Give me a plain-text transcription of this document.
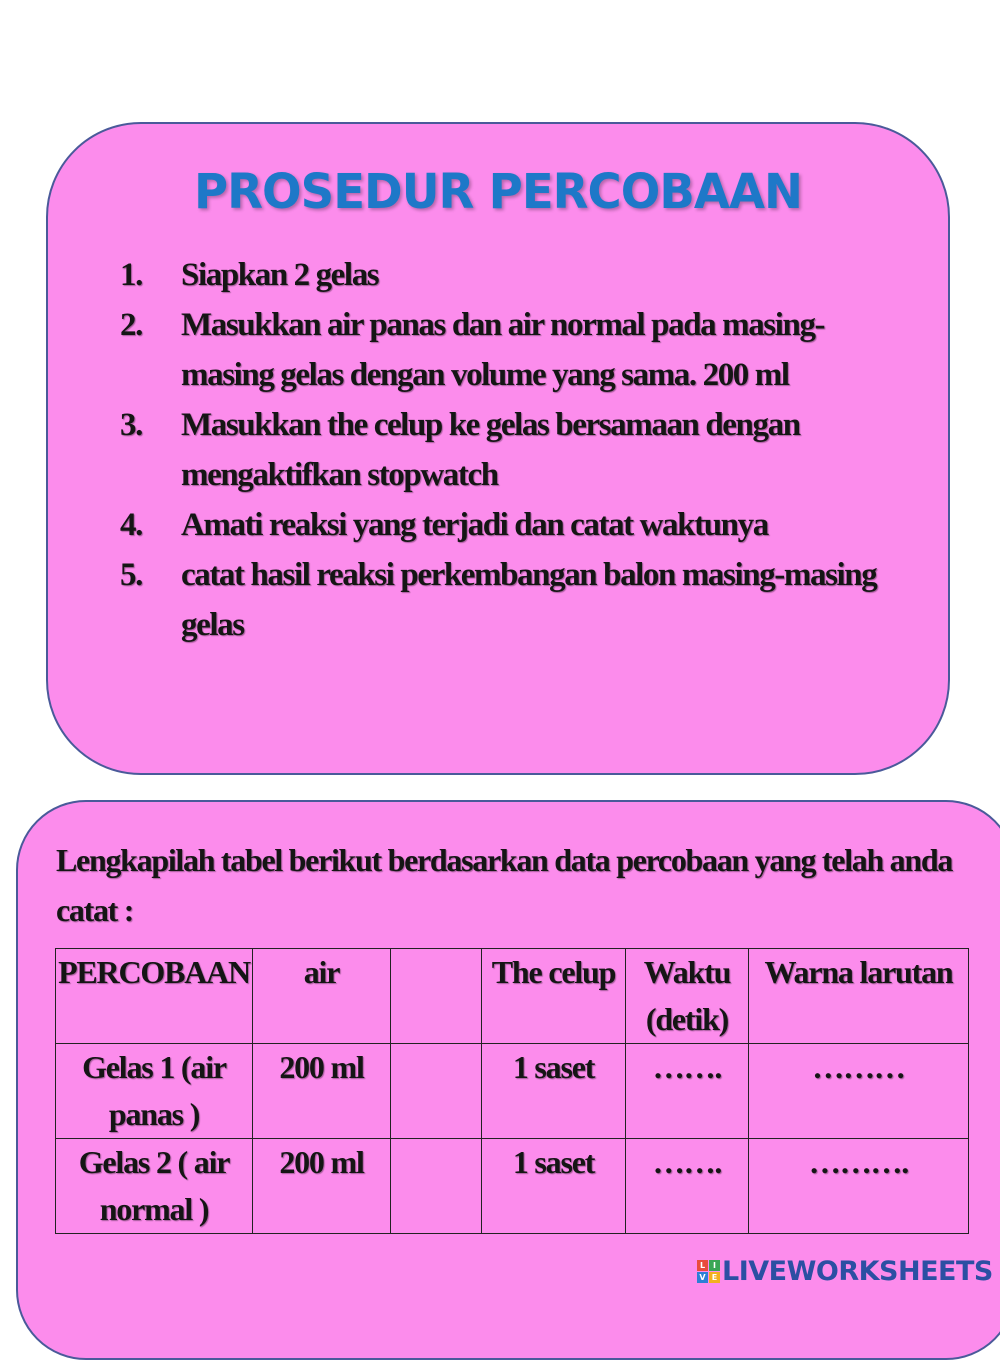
PROSEDUR PERCOBAAN
1. Siapkan 2 gelas
2. Masukkan air panas dan air normal pada masing-masing gelas dengan volume yang sama. 200 ml
3. Masukkan the celup ke gelas bersamaan dengan mengaktifkan stopwatch
4. Amati reaksi yang terjadi dan catat waktunya
5. catat hasil reaksi perkembangan balon masing-masing gelas
Lengkapilah tabel berikut berdasarkan data percobaan yang telah anda catat :
PERCOBAAN	air		The celup	Waktu (detik)	Warna larutan
Gelas 1 (air panas )	200 ml		1 saset	…….	………
Gelas 2 ( air normal )	200 ml		1 saset	…….	……….
L I
V E LIVEWORKSHEETS
